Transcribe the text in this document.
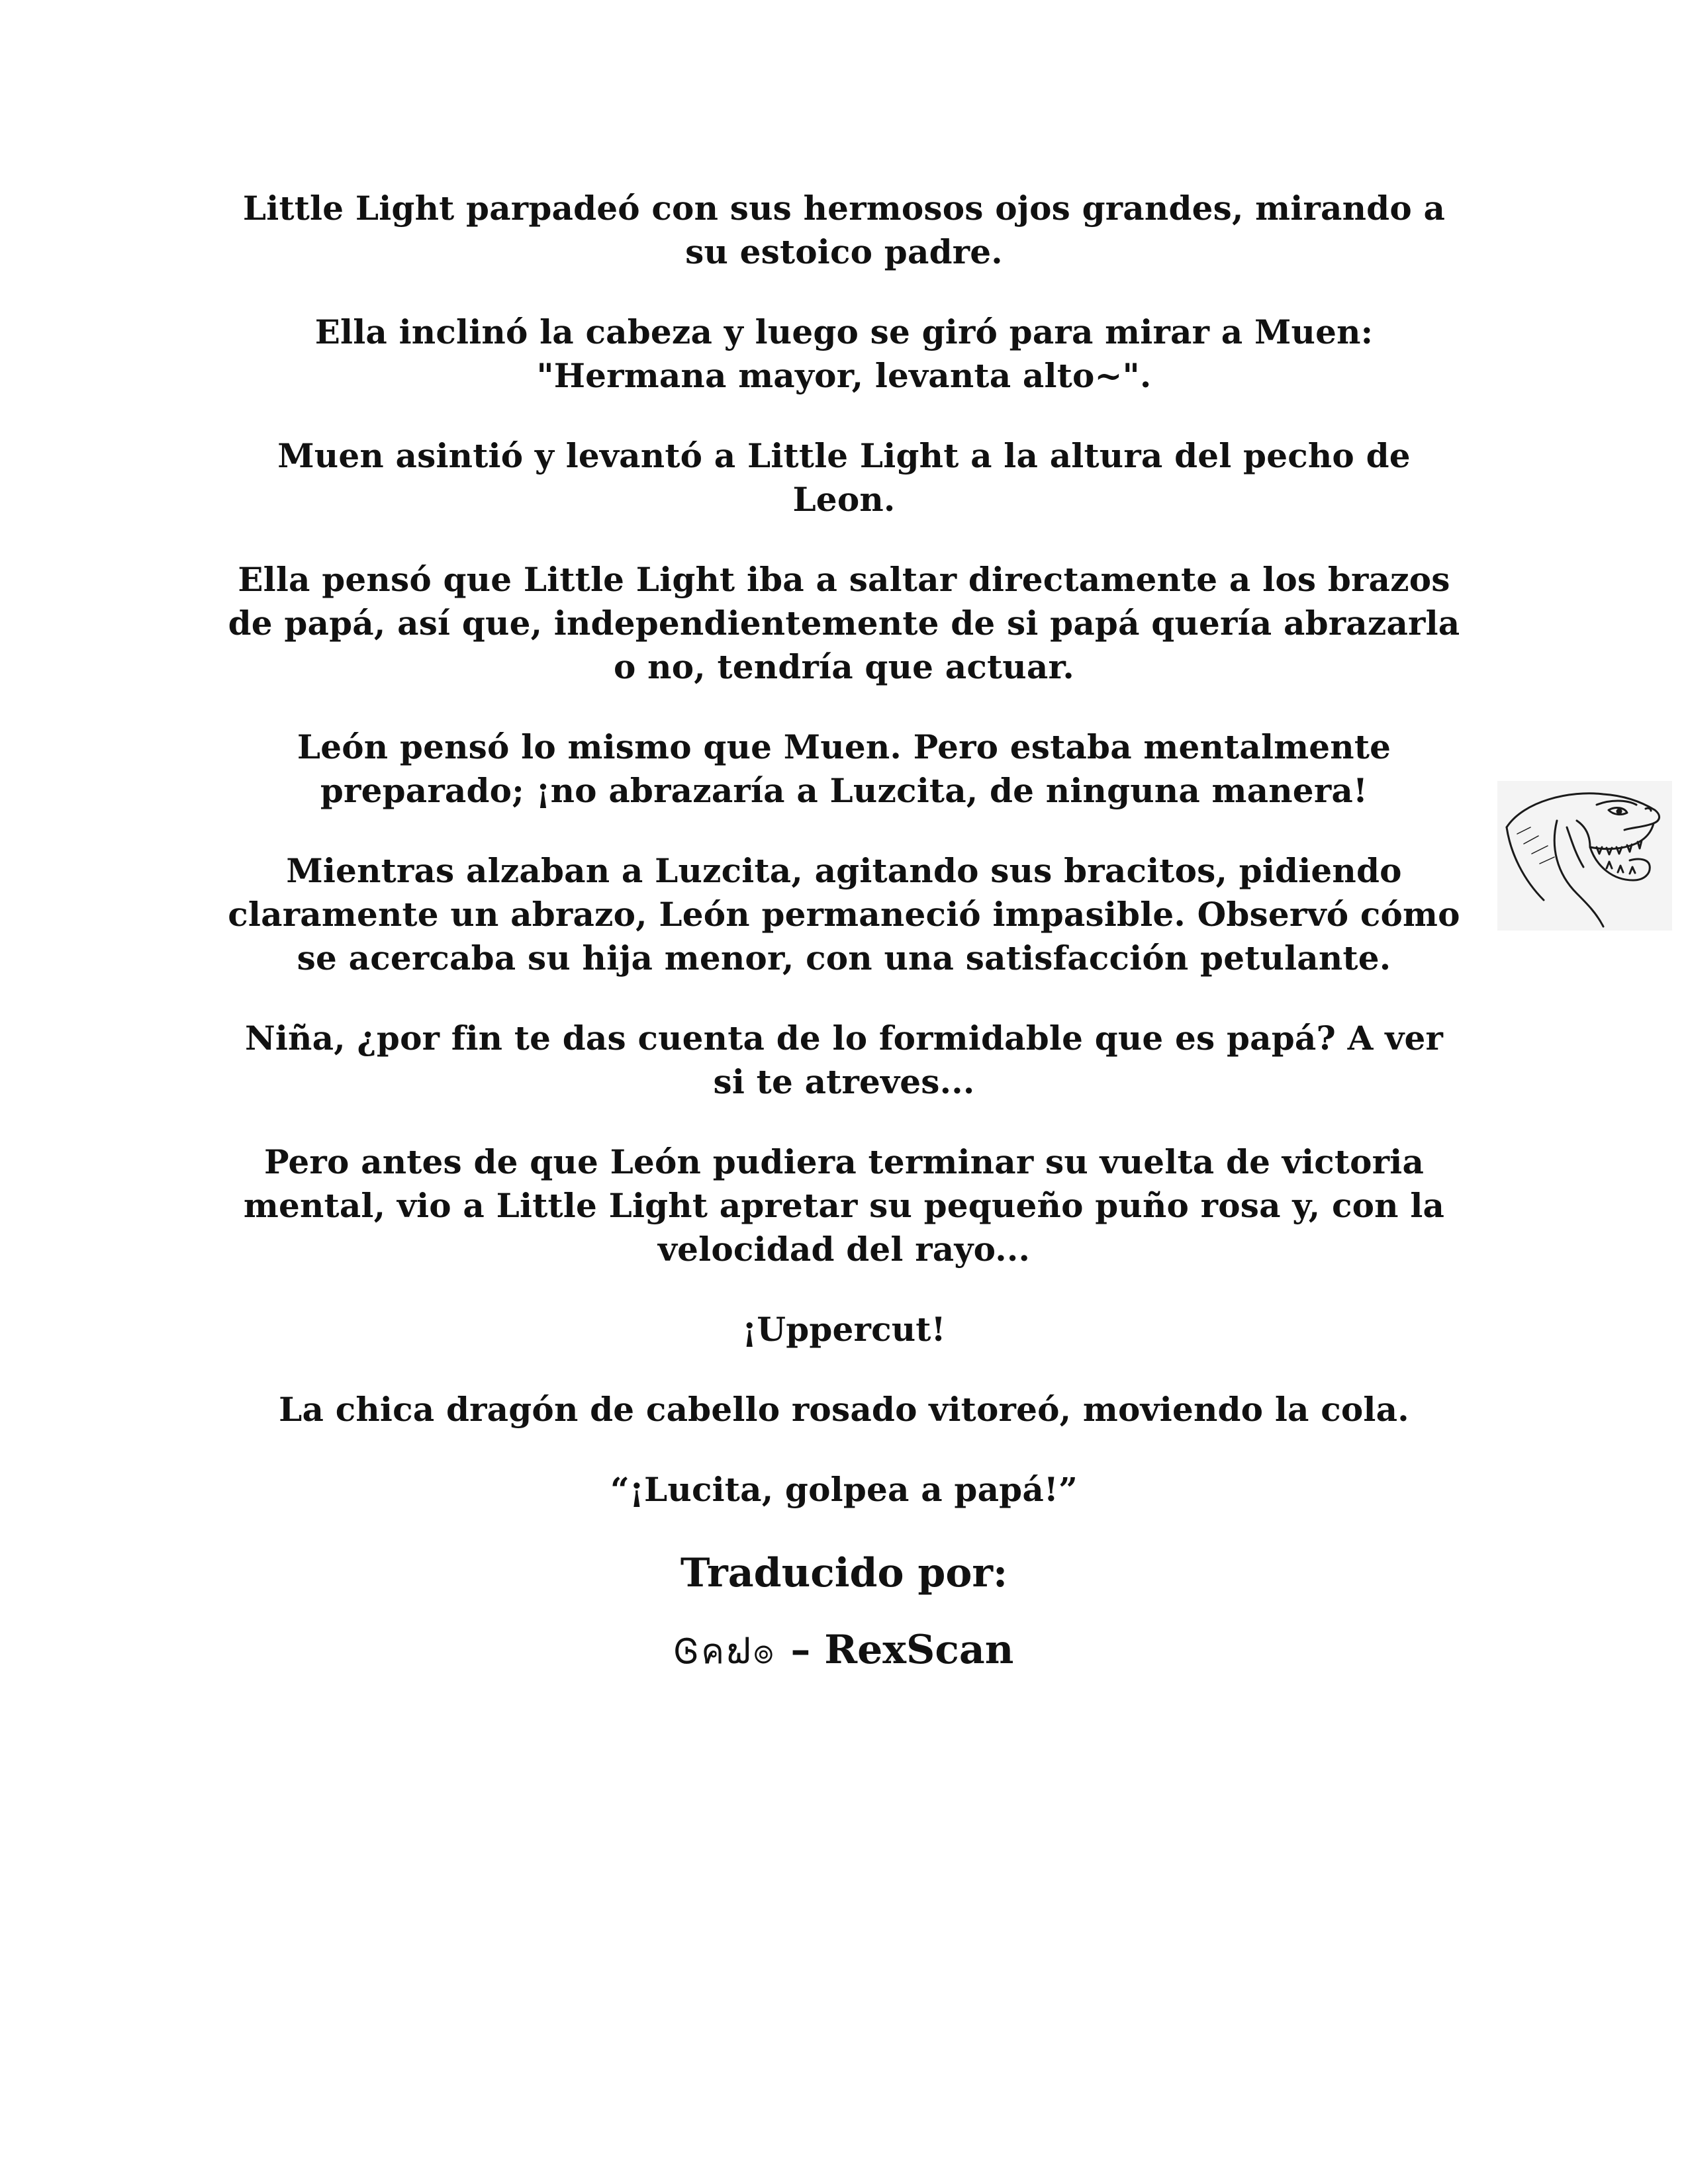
Little Light parpadeó con sus hermosos ojos grandes, mirando a su estoico padre.

Ella inclinó la cabeza y luego se giró para mirar a Muen: "Hermana mayor, levanta alto~".

Muen asintió y levantó a Little Light a la altura del pecho de Leon.

Ella pensó que Little Light iba a saltar directamente a los brazos de papá, así que, independientemente de si papá quería abrazarla o no, tendría que actuar.

León pensó lo mismo que Muen. Pero estaba mentalmente preparado; ¡no abrazaría a Luzcita, de ninguna manera!

Mientras alzaban a Luzcita, agitando sus bracitos, pidiendo claramente un abrazo, León permaneció impasible. Observó cómo se acercaba su hija menor, con una satisfacción petulante.

Niña, ¿por fin te das cuenta de lo formidable que es papá? A ver si te atreves...

Pero antes de que León pudiera terminar su vuelta de victoria mental, vio a Little Light apretar su pequeño puño rosa y, con la velocidad del rayo...

¡Uppercut!

La chica dragón de cabello rosado vitoreó, moviendo la cola.

“¡Lucita, golpea a papá!”

Traducido por:

Ꮆคຟ๏ – RexScan
